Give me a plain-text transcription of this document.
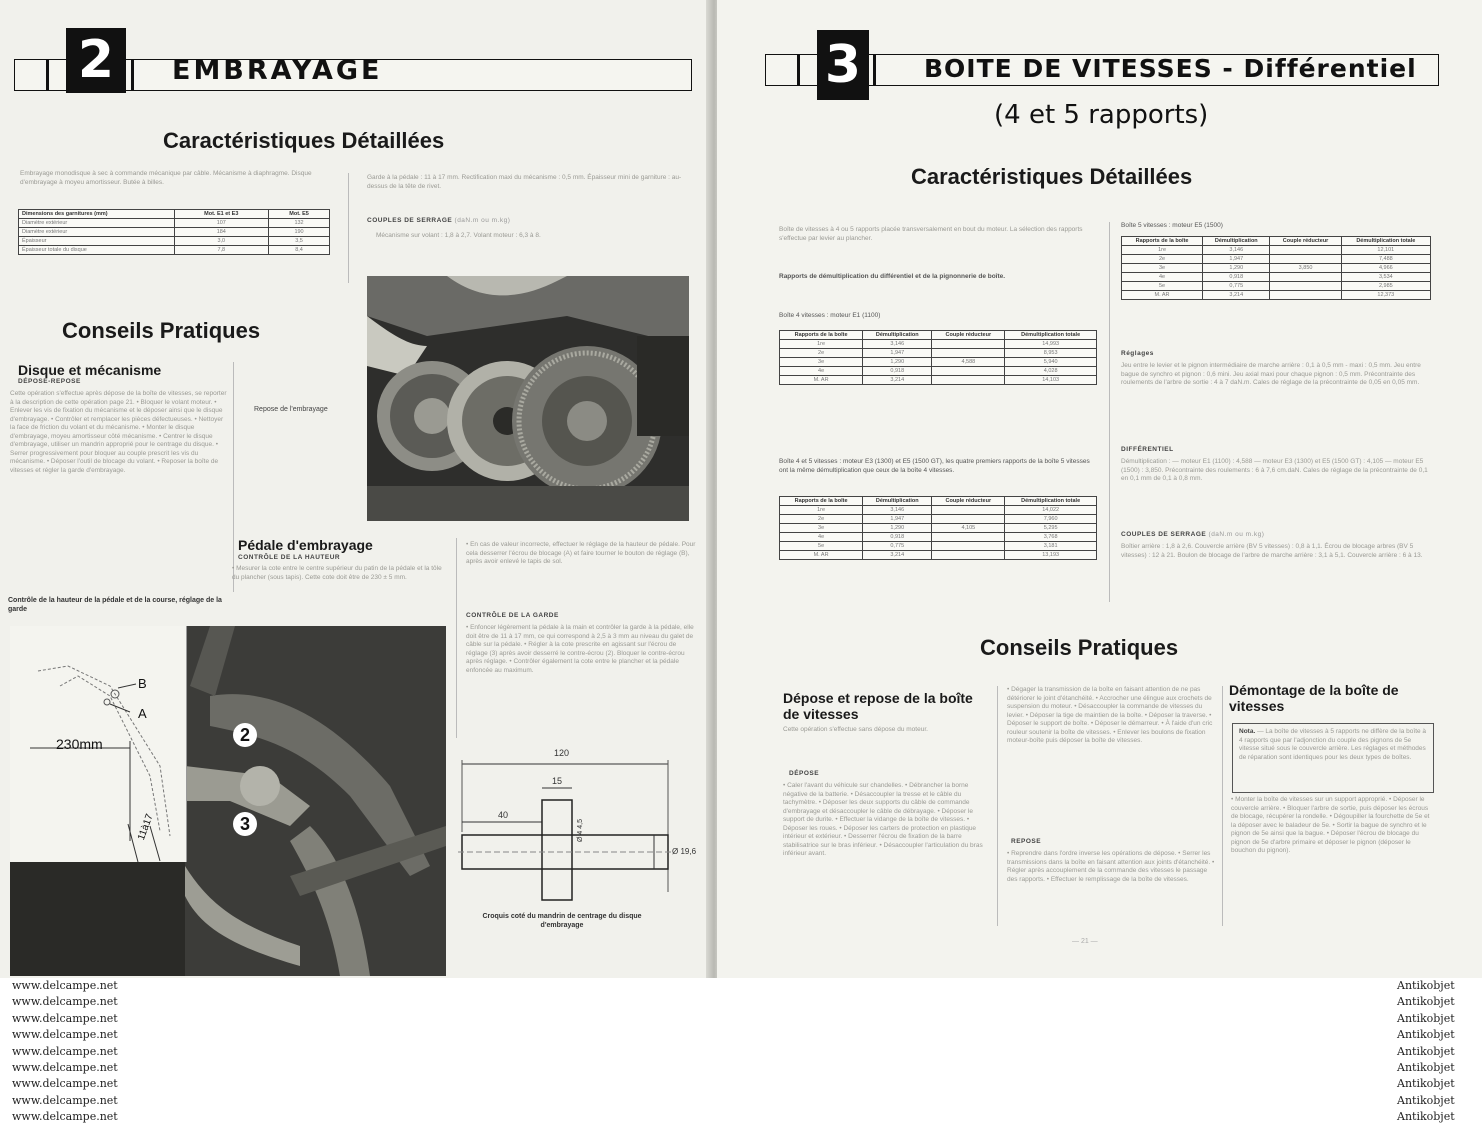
2	EMBRAYAGE
Caractéristiques Détaillées
Embrayage monodisque à sec à commande mécanique par câble. Mécanisme à diaphragme. Disque d'embrayage à moyeu amortisseur. Butée à billes.
Garde à la pédale : 11 à 17 mm. Rectification maxi du mécanisme : 0,5 mm. Épaisseur mini de garniture : au-dessus de la tête de rivet.
COUPLES DE SERRAGE (daN.m ou m.kg)
Mécanisme sur volant : 1,8 à 2,7. Volant moteur : 6,3 à 8.
Dimensions des garnitures (mm)	Mot. E1 et E3	Mot. E5
Diamètre extérieur	107	132
Diamètre extérieur	184	190
Épaisseur	3,0	3,5
Épaisseur totale du disque	7,8	8,4
Repose de l'embrayage
Conseils Pratiques
Disque et mécanisme
DÉPOSE-REPOSE
Cette opération s'effectue après dépose de la boîte de vitesses, se reporter à la description de cette opération page 21. • Bloquer le volant moteur. • Enlever les vis de fixation du mécanisme et le déposer ainsi que le disque d'embrayage. • Contrôler et remplacer les pièces défectueuses. • Nettoyer la face de friction du volant et du mécanisme. • Monter le disque d'embrayage, moyeu amortisseur côté mécanisme. • Centrer le disque d'embrayage, utiliser un mandrin approprié pour le centrage du disque. • Serrer progressivement pour bloquer au couple prescrit les vis du mécanisme. • Déposer l'outil de blocage du volant. • Reposer la boîte de vitesses et régler la garde d'embrayage.
Pédale d'embrayage
CONTRÔLE DE LA HAUTEUR
• Mesurer la cote entre le centre supérieur du patin de la pédale et la tôle du plancher (sous tapis). Cette cote doit être de 230 ± 5 mm.
• En cas de valeur incorrecte, effectuer le réglage de la hauteur de pédale. Pour cela desserrer l'écrou de blocage (A) et faire tourner le bouton de réglage (B), après avoir enlevé le tapis de sol.
CONTRÔLE DE LA GARDE
• Enfoncer légèrement la pédale à la main et contrôler la garde à la pédale, elle doit être de 11 à 17 mm, ce qui correspond à 2,5 à 3 mm au niveau du galet de câble sur la pédale. • Régler à la cote prescrite en agissant sur l'écrou de réglage (3) après avoir desserré le contre-écrou (2). Bloquer le contre-écrou après réglage. • Contrôler également la cote entre le plancher et la pédale enfoncée au maximum.
Contrôle de la hauteur de la pédale et de la course, réglage de la garde
B
A
230mm
11à17
2
3
120
15
40
Ø 4 4,5
Ø 19,6
Croquis coté du mandrin de centrage du disque d'embrayage
3	BOITE DE VITESSES - Différentiel
(4 et 5 rapports)
Caractéristiques Détaillées
Boîte de vitesses à 4 ou 5 rapports placée transversalement en bout du moteur. La sélection des rapports s'effectue par levier au plancher.
Rapports de démultiplication du différentiel et de la pignonnerie de boîte.
Boîte 4 vitesses : moteur E1 (1100)
Rapports de la boîte	Démultiplication	Couple réducteur	Démultiplication totale
1re	3,146		14,993
2e	1,947		8,953
3e	1,290	4,588	5,940
4e	0,918		4,028
M. AR	3,214		14,103
Boîte 4 et 5 vitesses : moteur E3 (1300) et E5 (1500 GT), les quatre premiers rapports de la boîte 5 vitesses ont la même démultiplication que ceux de la boîte 4 vitesses.
Rapports de la boîte	Démultiplication	Couple réducteur	Démultiplication totale
1re	3,146		14,022
2e	1,947		7,960
3e	1,290	4,105	5,295
4e	0,918		3,768
5e	0,775		3,181
M. AR	3,214		13,193
Boîte 5 vitesses : moteur E5 (1500)
Rapports de la boîte	Démultiplication	Couple réducteur	Démultiplication totale
1re	3,146		12,101
2e	1,947		7,488
3e	1,290	3,850	4,966
4e	0,918		3,534
5e	0,775		2,985
M. AR	3,214		12,373
Réglages
Jeu entre le levier et le pignon intermédiaire de marche arrière : 0,1 à 0,5 mm - maxi : 0,5 mm. Jeu entre bague de synchro et pignon : 0,6 mini. Jeu axial maxi pour chaque pignon : 0,5 mm. Précontrainte des roulements de l'arbre de sortie : 4 à 7 daN.m. Cales de réglage de la précontrainte de 0,05 en 0,05 mm.
DIFFÉRENTIEL
Démultiplication : — moteur E1 (1100) : 4,588 — moteur E3 (1300) et E5 (1500 GT) : 4,105 — moteur E5 (1500) : 3,850. Précontrainte des roulements : 6 à 7,6 cm.daN. Cales de réglage de la précontrainte de 0,1 en 0,1 mm de 0,1 à 0,8 mm.
COUPLES DE SERRAGE (daN.m ou m.kg)
Boîtier arrière : 1,8 à 2,6. Couvercle arrière (BV 5 vitesses) : 0,8 à 1,1. Écrou de blocage arbres (BV 5 vitesses) : 12 à 21. Boulon de blocage de l'arbre de marche arrière : 3,1 à 5,1. Couvercle arrière : 6 à 13.
Conseils Pratiques
Dépose et repose de la boîte de vitesses
Cette opération s'effectue sans dépose du moteur.
DÉPOSE
• Caler l'avant du véhicule sur chandelles. • Débrancher la borne négative de la batterie. • Désaccoupler la tresse et le câble du tachymètre. • Déposer les deux supports du câble de commande d'embrayage et désaccoupler le câble de débrayage. • Déposer le support de durite. • Effectuer la vidange de la boîte de vitesses. • Déposer les roues. • Déposer les carters de protection en plastique intérieur et extérieur. • Desserrer l'écrou de fixation de la barre stabilisatrice sur le bras inférieur. • Désaccoupler l'articulation du bras inférieur avant.
• Dégager la transmission de la boîte en faisant attention de ne pas détériorer le joint d'étanchéité. • Accrocher une élingue aux crochets de suspension du moteur. • Désaccoupler la commande de vitesses du levier. • Déposer la tige de maintien de la boîte. • Déposer la traverse. • Déposer le support de boîte. • Déposer le démarreur. • À l'aide d'un cric rouleur soutenir la boîte de vitesses. • Enlever les boulons de fixation moteur-boîte puis déposer la boîte de vitesses.
REPOSE
• Reprendre dans l'ordre inverse les opérations de dépose. • Serrer les transmissions dans la boîte en faisant attention aux joints d'étanchéité. • Régler après accouplement de la commande des vitesses le passage des rapports. • Effectuer le remplissage de la boîte de vitesses.
Démontage de la boîte de vitesses
Nota. — La boîte de vitesses à 5 rapports ne diffère de la boîte à 4 rapports que par l'adjonction du couple des pignons de 5e vitesse situé sous le couvercle arrière. Les réglages et méthodes de réparation sont identiques pour les deux types de boîtes.
• Monter la boîte de vitesses sur un support approprié. • Déposer le couvercle arrière. • Bloquer l'arbre de sortie, puis déposer les écrous de blocage, récupérer la rondelle. • Dégoupiller la fourchette de 5e et la déposer avec le baladeur de 5e. • Sortir la bague de synchro et le pignon de 5e ainsi que la bague. • Déposer l'écrou de blocage du pignon de 5e d'arbre primaire et déposer le pignon (déposer le bouchon du pignon).
— 21 —
www.delcampe.net
www.delcampe.net
www.delcampe.net
www.delcampe.net
www.delcampe.net
www.delcampe.net
www.delcampe.net
www.delcampe.net
www.delcampe.net
Antikobjet
Antikobjet
Antikobjet
Antikobjet
Antikobjet
Antikobjet
Antikobjet
Antikobjet
Antikobjet
